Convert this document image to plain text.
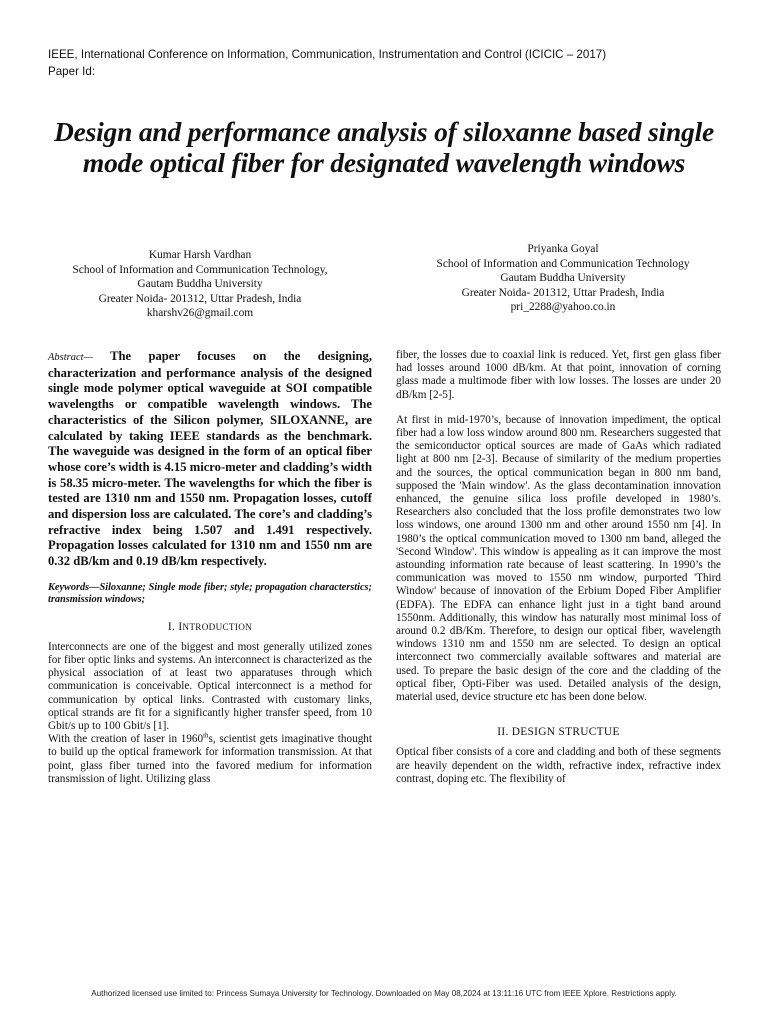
IEEE, International Conference on Information, Communication, Instrumentation and Control (ICICIC – 2017)
Paper Id:
Design and performance analysis of siloxanne based single mode optical fiber for designated wavelength windows
Kumar Harsh Vardhan
School of Information and Communication Technology,
Gautam Buddha University
Greater Noida- 201312, Uttar Pradesh, India
kharshv26@gmail.com
Priyanka Goyal
School of Information and Communication Technology
Gautam Buddha University
Greater Noida- 201312, Uttar Pradesh, India
pri_2288@yahoo.co.in

Abstract— The paper focuses on the designing, characterization and performance analysis of the designed single mode polymer optical waveguide at SOI compatible wavelengths or compatible wavelength windows. The characteristics of the Silicon polymer, SILOXANNE, are calculated by taking IEEE standards as the benchmark. The waveguide was designed in the form of an optical fiber whose core’s width is 4.15 micro-meter and cladding’s width is 58.35 micro-meter. The wavelengths for which the fiber is tested are 1310 nm and 1550 nm. Propagation losses, cutoff and dispersion loss are calculated. The core’s and cladding’s refractive index being 1.507 and 1.491 respectively. Propagation losses calculated for 1310 nm and 1550 nm are 0.32 dB/km and 0.19 dB/km respectively.

Keywords—Siloxanne; Single mode fiber; style; propagation characterstics; transmission windows;

I. INTRODUCTION

Interconnects are one of the biggest and most generally utilized zones for fiber optic links and systems. An interconnect is characterized as the physical association of at least two apparatuses through which communication is conceivable. Optical interconnect is a method for communication by optical links. Contrasted with customary links, optical strands are fit for a significantly higher transfer speed, from 10 Gbit/s up to 100 Gbit/s [1].

With the creation of laser in 1960ths, scientist gets imaginative thought to build up the optical framework for information transmission. At that point, glass fiber turned into the favored medium for information transmission of light. Utilizing glass

fiber, the losses due to coaxial link is reduced. Yet, first gen glass fiber had losses around 1000 dB/km. At that point, innovation of corning glass made a multimode fiber with low losses. The losses are under 20 dB/km [2-5].

At first in mid-1970’s, because of innovation impediment, the optical fiber had a low loss window around 800 nm. Researchers suggested that the semiconductor optical sources are made of GaAs which radiated light at 800 nm [2-3]. Because of similarity of the medium properties and the sources, the optical communication began in 800 nm band, supposed the 'Main window'. As the glass decontamination innovation enhanced, the genuine silica loss profile developed in 1980’s. Researchers also concluded that the loss profile demonstrates two low loss windows, one around 1300 nm and other around 1550 nm [4]. In 1980’s the optical communication moved to 1300 nm band, alleged the 'Second Window'. This window is appealing as it can improve the most astounding information rate because of least scattering. In 1990’s the communication was moved to 1550 nm window, purported 'Third Window' because of innovation of the Erbium Doped Fiber Amplifier (EDFA). The EDFA can enhance light just in a tight band around 1550nm. Additionally, this window has naturally most minimal loss of around 0.2 dB/Km. Therefore, to design our optical fiber, wavelength windows 1310 nm and 1550 nm are selected. To design an optical interconnect two commercially available softwares and material are used. To prepare the basic design of the core and the cladding of the optical fiber, Opti-Fiber was used. Detailed analysis of the design, material used, device structure etc has been done below.

II. DESIGN STRUCTUE

Optical fiber consists of a core and cladding and both of these segments are heavily dependent on the width, refractive index, refractive index contrast, doping etc. The flexibility of

Authorized licensed use limited to: Princess Sumaya University for Technology. Downloaded on May 08,2024 at 13:11:16 UTC from IEEE Xplore. Restrictions apply.
